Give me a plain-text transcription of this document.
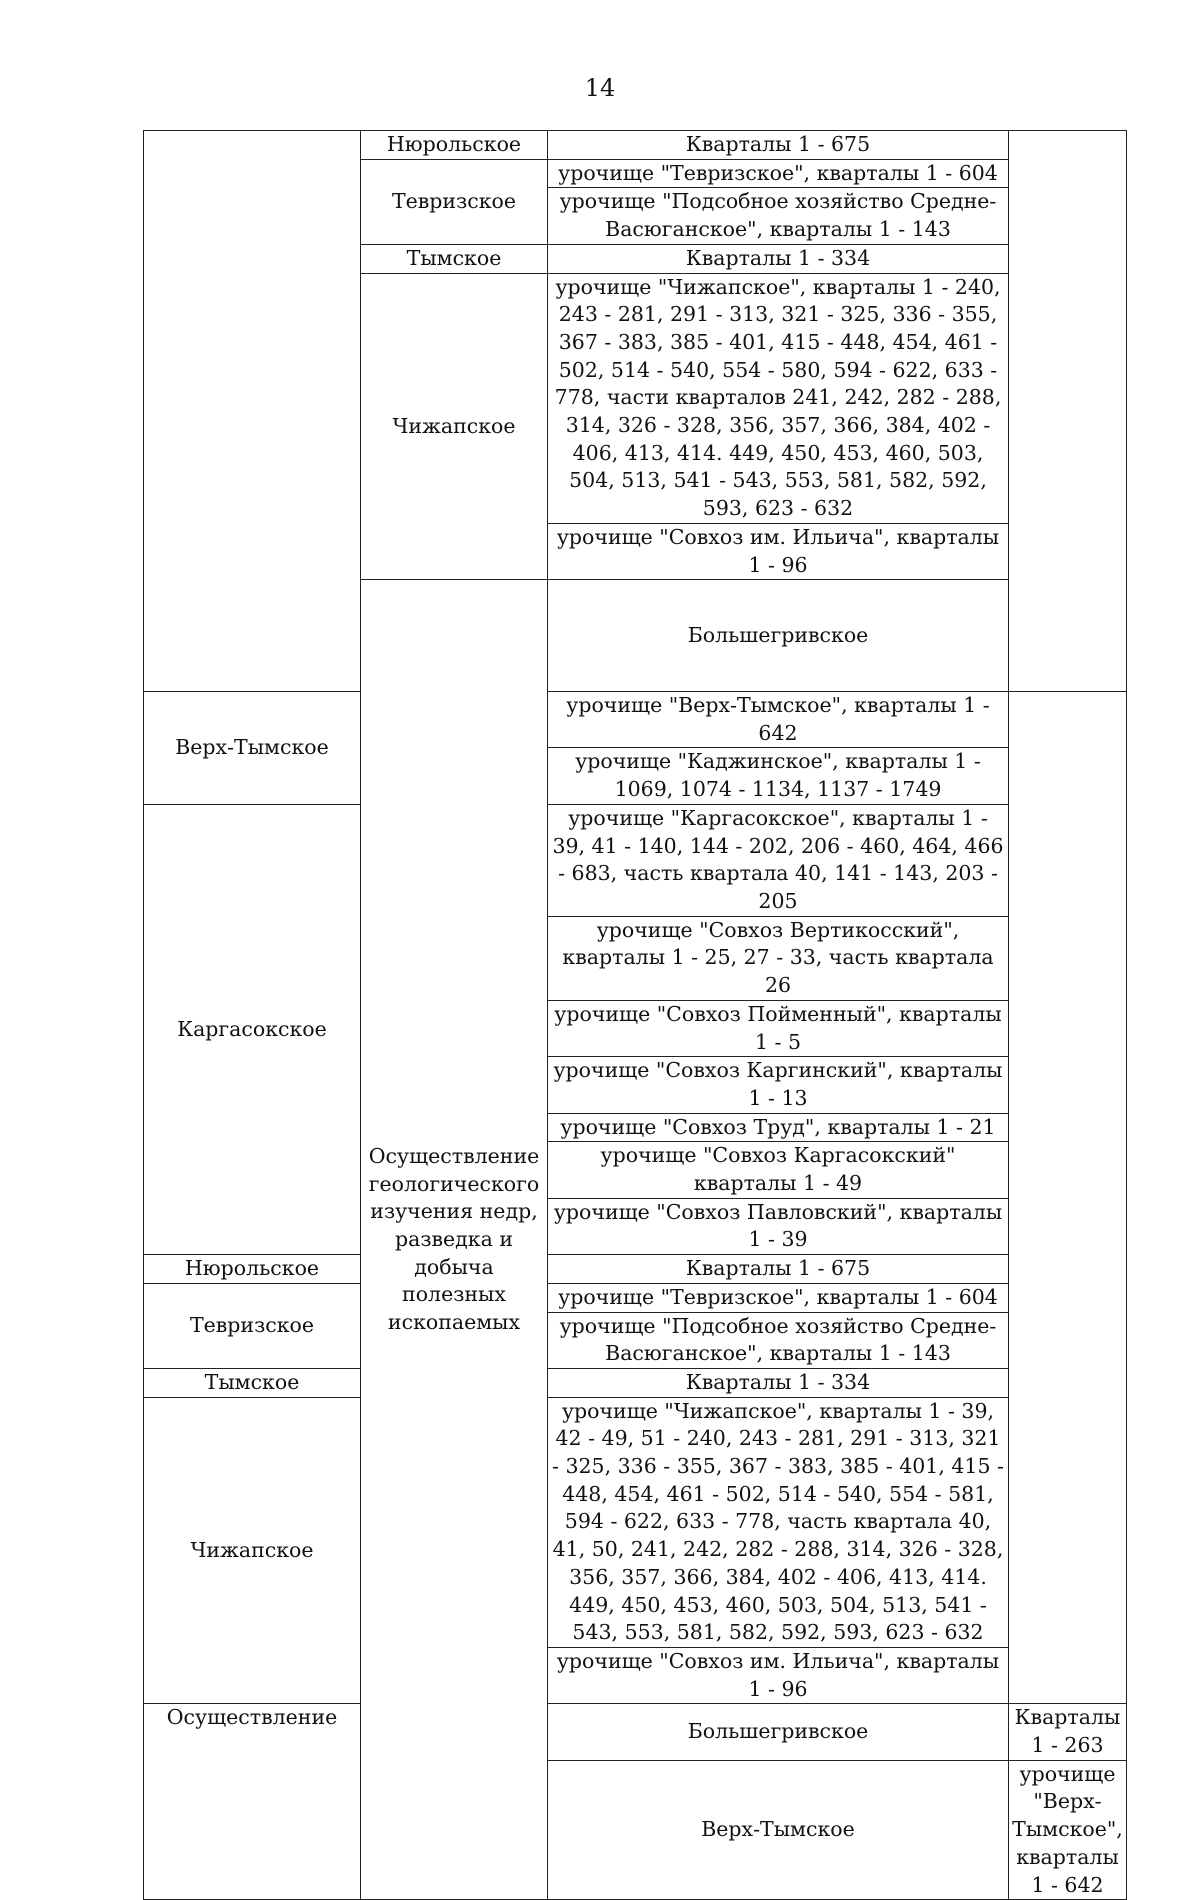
14
	Нюрольское	Кварталы 1 - 675		
	Тевризское	урочище "Тевризское", кварталы 1 - 604		
		урочище "Подсобное хозяйство Средне-Васюганское", кварталы 1 - 143		
	Тымское	Кварталы 1 - 334		
	Чижапское	урочище "Чижапское", кварталы 1 - 240, 243 - 281, 291 - 313, 321 - 325, 336 - 355, 367 - 383, 385 - 401, 415 - 448, 454, 461 - 502, 514 - 540, 554 - 580, 594 - 622, 633 - 778, части кварталов 241, 242, 282 - 288, 314, 326 - 328, 356, 357, 366, 384, 402 - 406, 413, 414. 449, 450, 453, 460, 503, 504, 513, 541 - 543, 553, 581, 582, 592, 593, 623 - 632		
		урочище "Совхоз им. Ильича", кварталы 1 - 96		
	Осуществление геологического изучения недр, разведка и добыча полезных ископаемых	Большегривское		
Верх-Тымское		урочище "Верх-Тымское", кварталы 1 - 642		
		урочище "Каджинское", кварталы 1 - 1069, 1074 - 1134, 1137 - 1749		
Каргасокское		урочище "Каргасокское", кварталы 1 - 39, 41 - 140, 144 - 202, 206 - 460, 464, 466 - 683, часть квартала 40, 141 - 143, 203 - 205		
		урочище "Совхоз Вертикосский", кварталы 1 - 25, 27 - 33, часть квартала 26		
		урочище "Совхоз Пойменный", кварталы 1 - 5		
		урочище "Совхоз Каргинский", кварталы 1 - 13		
		урочище "Совхоз Труд", кварталы 1 - 21		
		урочище "Совхоз Каргасокский" кварталы 1 - 49		
		урочище "Совхоз Павловский", кварталы 1 - 39		
Нюрольское		Кварталы 1 - 675		
Тевризское		урочище "Тевризское", кварталы 1 - 604		
		урочище "Подсобное хозяйство Средне-Васюганское", кварталы 1 - 143		
Тымское		Кварталы 1 - 334		
Чижапское		урочище "Чижапское", кварталы 1 - 39, 42 - 49, 51 - 240, 243 - 281, 291 - 313, 321 - 325, 336 - 355, 367 - 383, 385 - 401, 415 - 448, 454, 461 - 502, 514 - 540, 554 - 581, 594 - 622, 633 - 778, часть квартала 40, 41, 50, 241, 242, 282 - 288, 314, 326 - 328, 356, 357, 366, 384, 402 - 406, 413, 414. 449, 450, 453, 460, 503, 504, 513, 541 - 543, 553, 581, 582, 592, 593, 623 - 632		
		урочище "Совхоз им. Ильича", кварталы 1 - 96		
Осуществление		Большегривское	Кварталы 1 - 263	
		Верх-Тымское	урочище "Верх-Тымское", кварталы 1 - 642	
